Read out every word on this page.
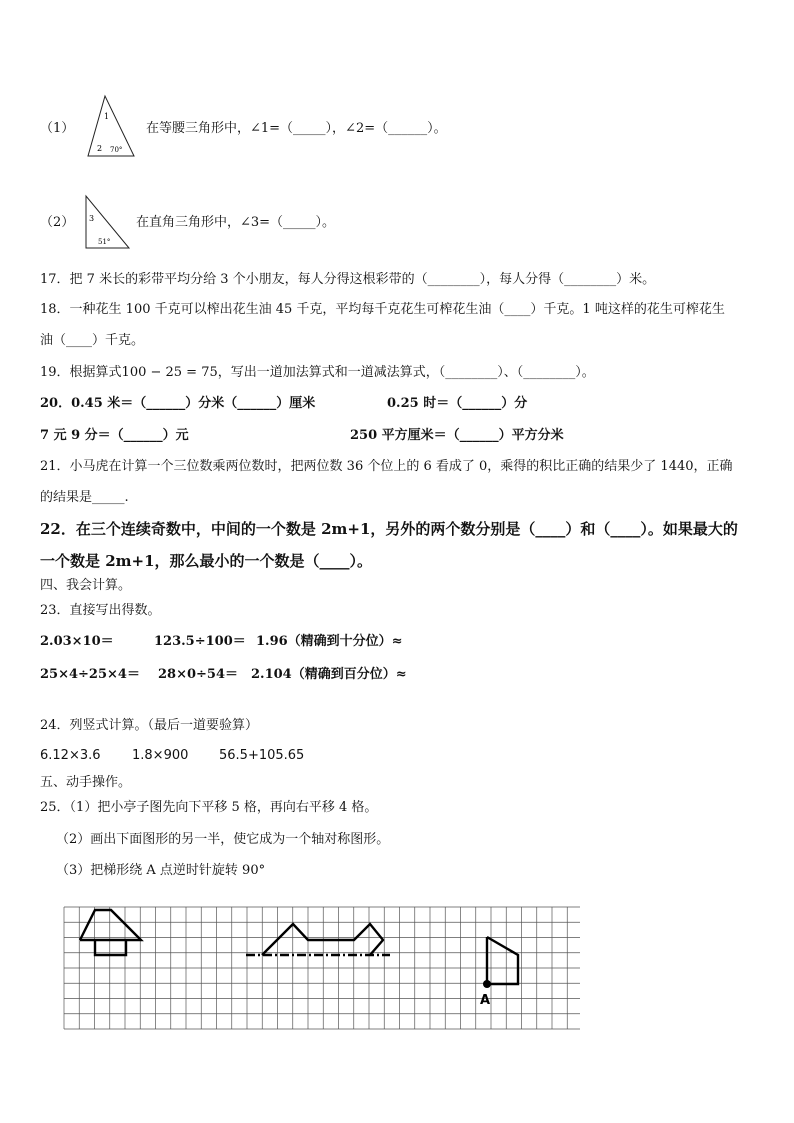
（1）
1
2 70°
在等腰三角形中，∠1=（_____），∠2=（______）。
（2） 3
51°
在直角三角形中，∠3=（_____）。
17．把 7 米长的彩带平均分给 3 个小朋友，每人分得这根彩带的（________），每人分得（________）米。
18．一种花生 100 千克可以榨出花生油 45 千克，平均每千克花生可榨花生油（____）千克。1 吨这样的花生可榨花生
油（____）千克。
19．根据算式100 − 25 = 75，写出一道加法算式和一道减法算式，（________）、（________）。
20．0.45 米＝（______）分米（______）厘米	0.25 时＝（______）分
7 元 9 分＝（______）元	250 平方厘米＝（______）平方分米
21．小马虎在计算一个三位数乘两位数时，把两位数 36 个位上的 6 看成了 0，乘得的积比正确的结果少了 1440，正确
的结果是_____.
22．在三个连续奇数中，中间的一个数是 2m+1，另外的两个数分别是（____）和（____）。如果最大的
一个数是 2m+1，那么最小的一个数是（____）。
四、我会计算。
23．直接写出得数。
2.03×10＝	123.5÷100＝ 1.96（精确到十分位）≈
25×4÷25×4＝ 28×0÷54＝ 2.104（精确到百分位）≈
24．列竖式计算。（最后一道要验算）
6.12×3.6 1.8×900 56.5+105.65
五、动手操作。
25．（1）把小亭子图先向下平移 5 格，再向右平移 4 格。
（2）画出下面图形的另一半，使它成为一个轴对称图形。
（3）把梯形绕 A 点逆时针旋转 90°
A
